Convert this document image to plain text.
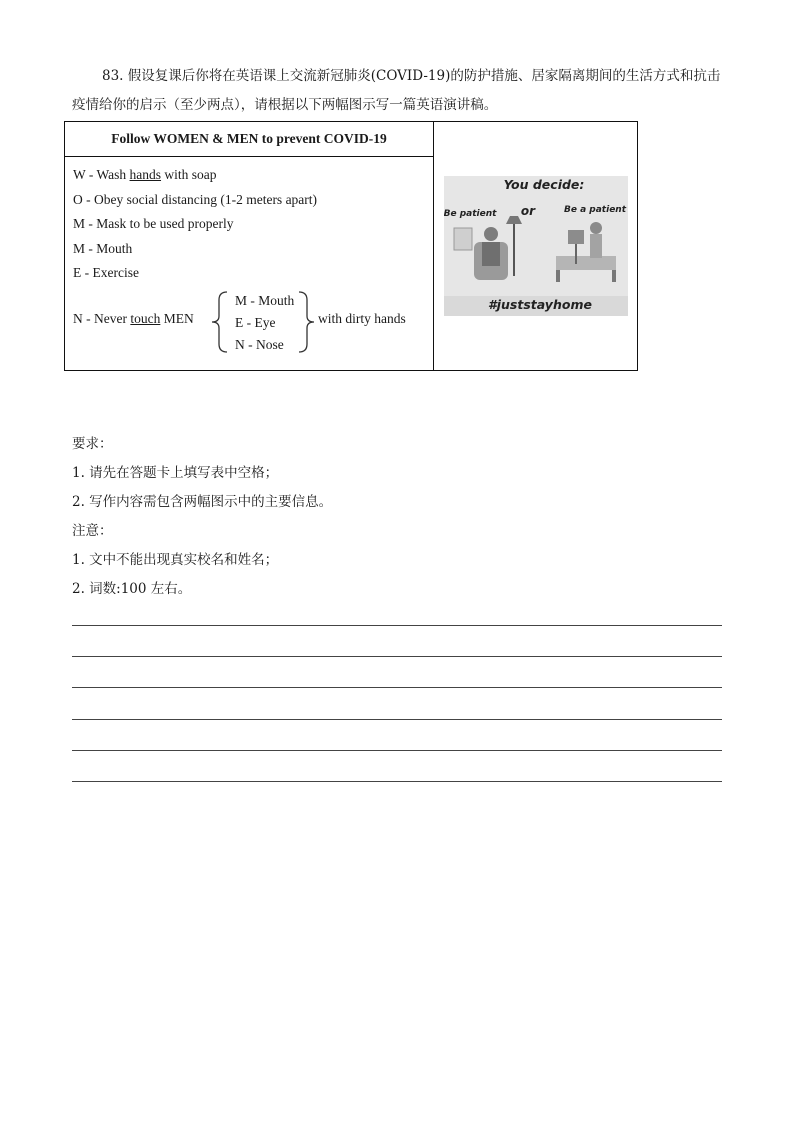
83. 假设复课后你将在英语课上交流新冠肺炎(COVID-19)的防护措施、居家隔离期间的生活方式和抗击疫情给你的启示（至少两点），请根据以下两幅图示写一篇英语演讲稿。
Follow WOMEN & MEN to prevent COVID-19	
You decide:
Be patient or	Be a patient
#juststayhome

W - Wash hands with soap
O - Obey social distancing (1-2 meters apart)
M - Mask to be used properly
M - Mouth
E - Exercise
N - Never touch MEN
M - Mouth
E - Eye
N - Nose
with dirty hands
要求：
1. 请先在答题卡上填写表中空格；
2. 写作内容需包含两幅图示中的主要信息。
注意：
1. 文中不能出现真实校名和姓名；
2. 词数:100 左右。
